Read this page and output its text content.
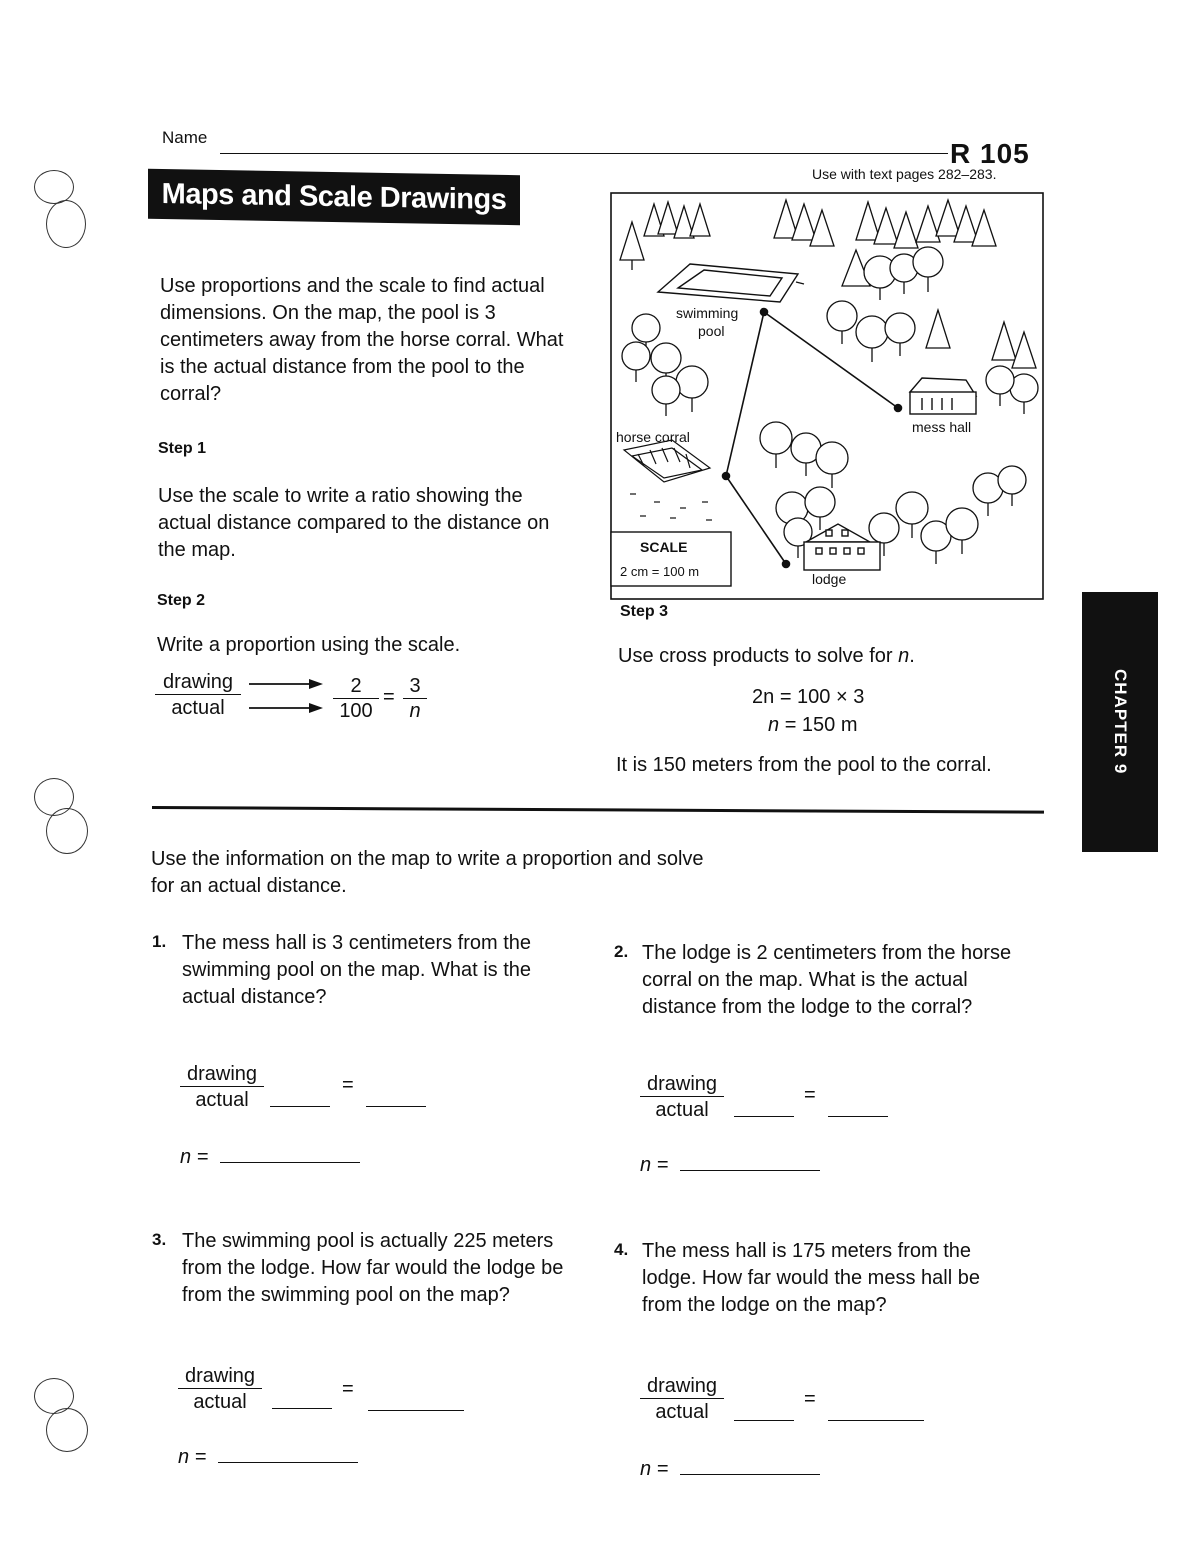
Name
R 105
Use with text pages 282–283.
Maps and Scale Drawings
Use proportions and the scale to find actual dimensions. On the map, the pool is 3 centimeters away from the horse corral. What is the actual distance from the pool to the corral?
Step 1
Use the scale to write a ratio showing the actual distance compared to the distance on the map.
Step 2
Write a proportion using the scale.
drawing
actual	$\frac{2}{100} = \frac{3}{n}$
swimming
pool
horse corral
mess hall
lodge
SCALE
2 cm = 100 m
Step 3
Use cross products to solve for n.
2n = 100 × 3
n = 150 m
It is 150 meters from the pool to the corral.	CHAPTER 9
Use the information on the map to write a proportion and solve for an actual distance.
1. The mess hall is 3 centimeters from the swimming pool on the map. What is the actual distance?
drawing
actual
=
n =
2. The lodge is 2 centimeters from the horse corral on the map. What is the actual distance from the lodge to the corral?
drawing
actual
=
n =
3. The swimming pool is actually 225 meters from the lodge. How far would the lodge be from the swimming pool on the map?
drawing
actual
=
n =
4. The mess hall is 175 meters from the lodge. How far would the mess hall be from the lodge on the map?
drawing
actual
=
n =
